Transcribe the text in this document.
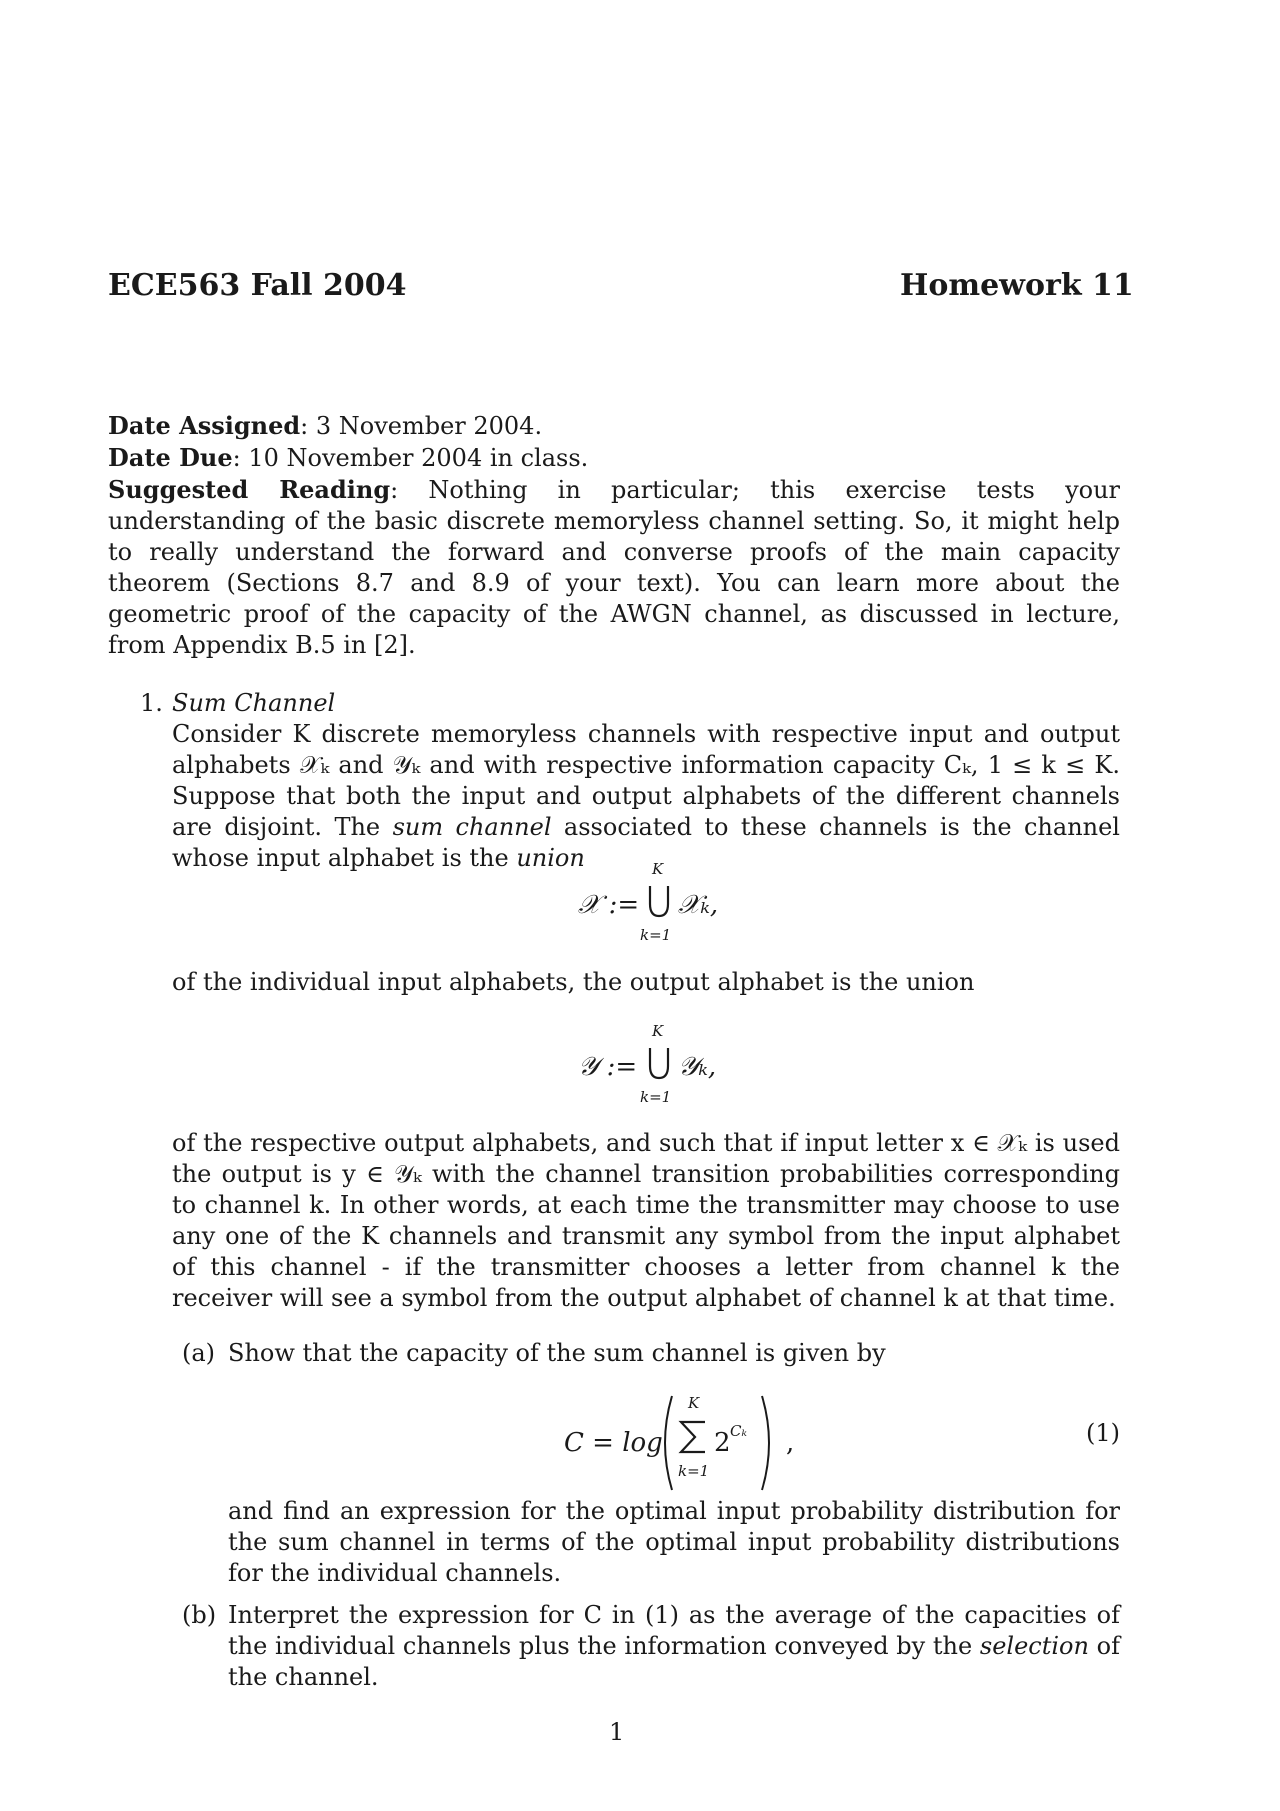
ECE563 Fall 2004	Homework 11

Date Assigned: 3 November 2004.

Date Due: 10 November 2004 in class.

Suggested Reading: Nothing in particular; this exercise tests your understanding of the basic discrete memoryless channel setting. So, it might help to really understand the forward and converse proofs of the main capacity theorem (Sections 8.7 and 8.9 of your text). You can learn more about the geometric proof of the capacity of the AWGN channel, as discussed in lecture, from Appendix B.5 in [2].

1. Sum Channel
Consider K discrete memoryless channels with respective input and output alphabets 𝒳ₖ and 𝒴ₖ and with respective information capacity Cₖ, 1 ≤ k ≤ K. Suppose that both the input and output alphabets of the different channels are disjoint. The sum channel associated to these channels is the channel whose input alphabet is the union
𝒳 :=
K
k=1
𝒳ₖ,
of the individual input alphabets, the output alphabet is the union
𝒴 :=
K
k=1
𝒴ₖ,
of the respective output alphabets, and such that if input letter x ∈ 𝒳ₖ is used the output is y ∈ 𝒴ₖ with the channel transition probabilities corresponding to channel k. In other words, at each time the transmitter may choose to use any one of the K channels and transmit any symbol from the input alphabet of this channel - if the transmitter chooses a letter from channel k the receiver will see a symbol from the output alphabet of channel k at that time.
(a) Show that the capacity of the sum channel is given by
C = log
K
k=1
2 Cₖ ,	(1)
and find an expression for the optimal input probability distribution for the sum channel in terms of the optimal input probability distributions for the individual channels.
(b) Interpret the expression for C in (1) as the average of the capacities of the individual channels plus the information conveyed by the selection of the channel.
1
